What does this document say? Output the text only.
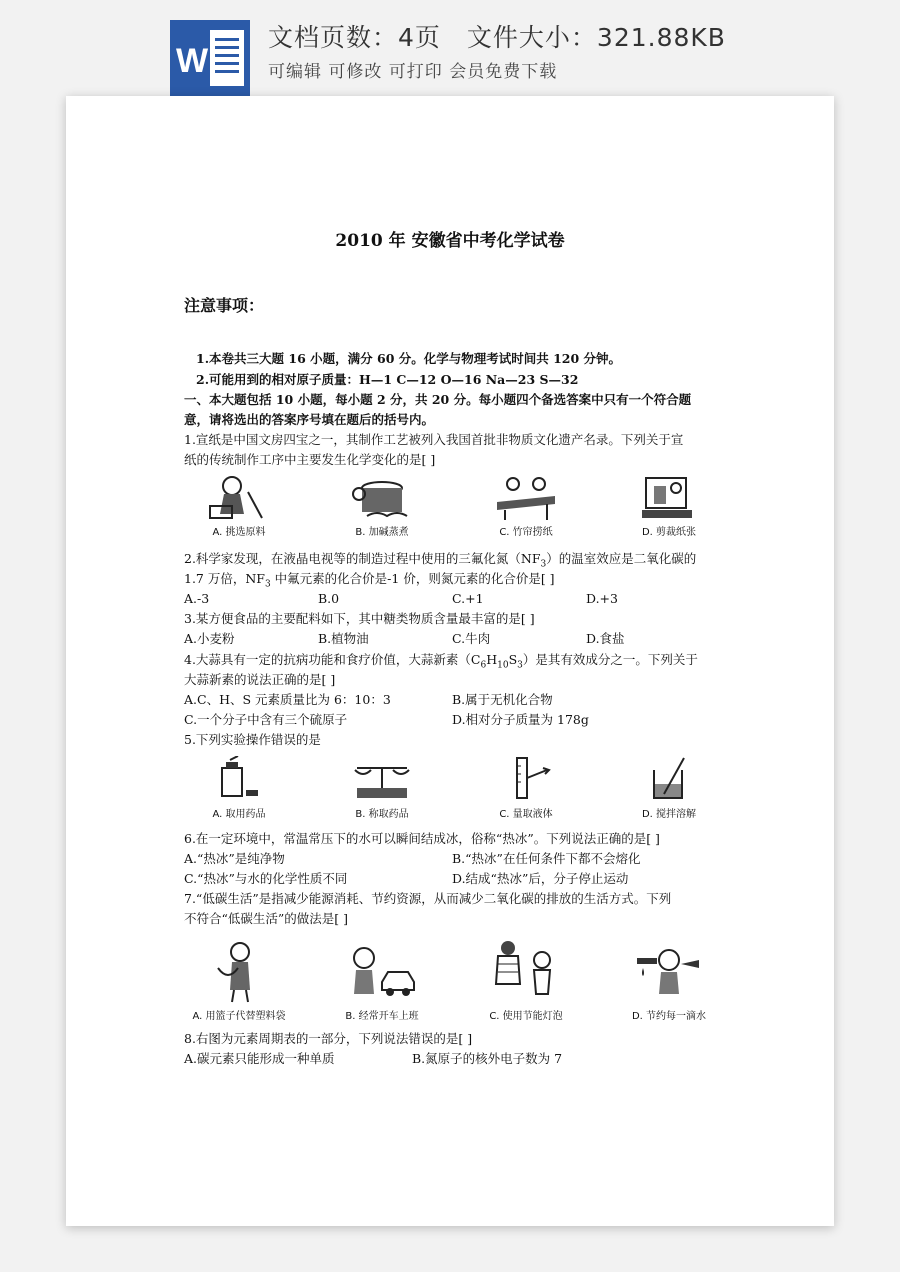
W
文档页数：4页 文件大小：321.88KB
可编辑 可修改 可打印 会员免费下载
2010 年 安徽省中考化学试卷
注意事项：
1.本卷共三大题 16 小题，满分 60 分。化学与物理考试时间共 120 分钟。
2.可能用到的相对原子质量：H—1 C—12 O—16 Na—23 S—32
一、本大题包括 10 小题，每小题 2 分，共 20 分。每小题四个备选答案中只有一个符合题
意，请将选出的答案序号填在题后的括号内。
1.宣纸是中国文房四宝之一，其制作工艺被列入我国首批非物质文化遗产名录。下列关于宣
纸的传统制作工序中主要发生化学变化的是[ ]
A. 挑选原料	B. 加碱蒸煮	C. 竹帘捞纸	D. 剪裁纸张
2.科学家发现，在液晶电视等的制造过程中使用的三氟化氮$(NF_3)$的温室效应是二氧化碳的
1.7 万倍，$NF_3$ 中氟元素的化合价是-1 价，则氮元素的化合价是[ ]
A.-3	B.0	C.+1	D.+3
3.某方便食品的主要配料如下，其中糖类物质含量最丰富的是[ ]
A.小麦粉	B.植物油	C.牛肉	D.食盐
4.大蒜具有一定的抗病功能和食疗价值，大蒜新素$(C_6H_{10}S_3)$是其有效成分之一。下列关于
大蒜新素的说法正确的是[ ]
A.C、H、S 元素质量比为 6：10：3	B.属于无机化合物
C.一个分子中含有三个硫原子	D.相对分子质量为 178g
5.下列实验操作错误的是
A. 取用药品	B. 称取药品	C. 量取液体	D. 搅拌溶解
6.在一定环境中，常温常压下的水可以瞬间结成冰，俗称“热冰”。下列说法正确的是[ ]
A.“热冰”是纯净物	B.“热冰”在任何条件下都不会熔化
C.“热冰”与水的化学性质不同	D.结成“热冰”后，分子停止运动
7.“低碳生活”是指减少能源消耗、节约资源，从而减少二氧化碳的排放的生活方式。下列
不符合“低碳生活”的做法是[ ]
A. 用篮子代替塑料袋	B. 经常开车上班	C. 使用节能灯泡	D. 节约每一滴水
8.右图为元素周期表的一部分，下列说法错误的是[ ]
A.碳元素只能形成一种单质	B.氮原子的核外电子数为 7
